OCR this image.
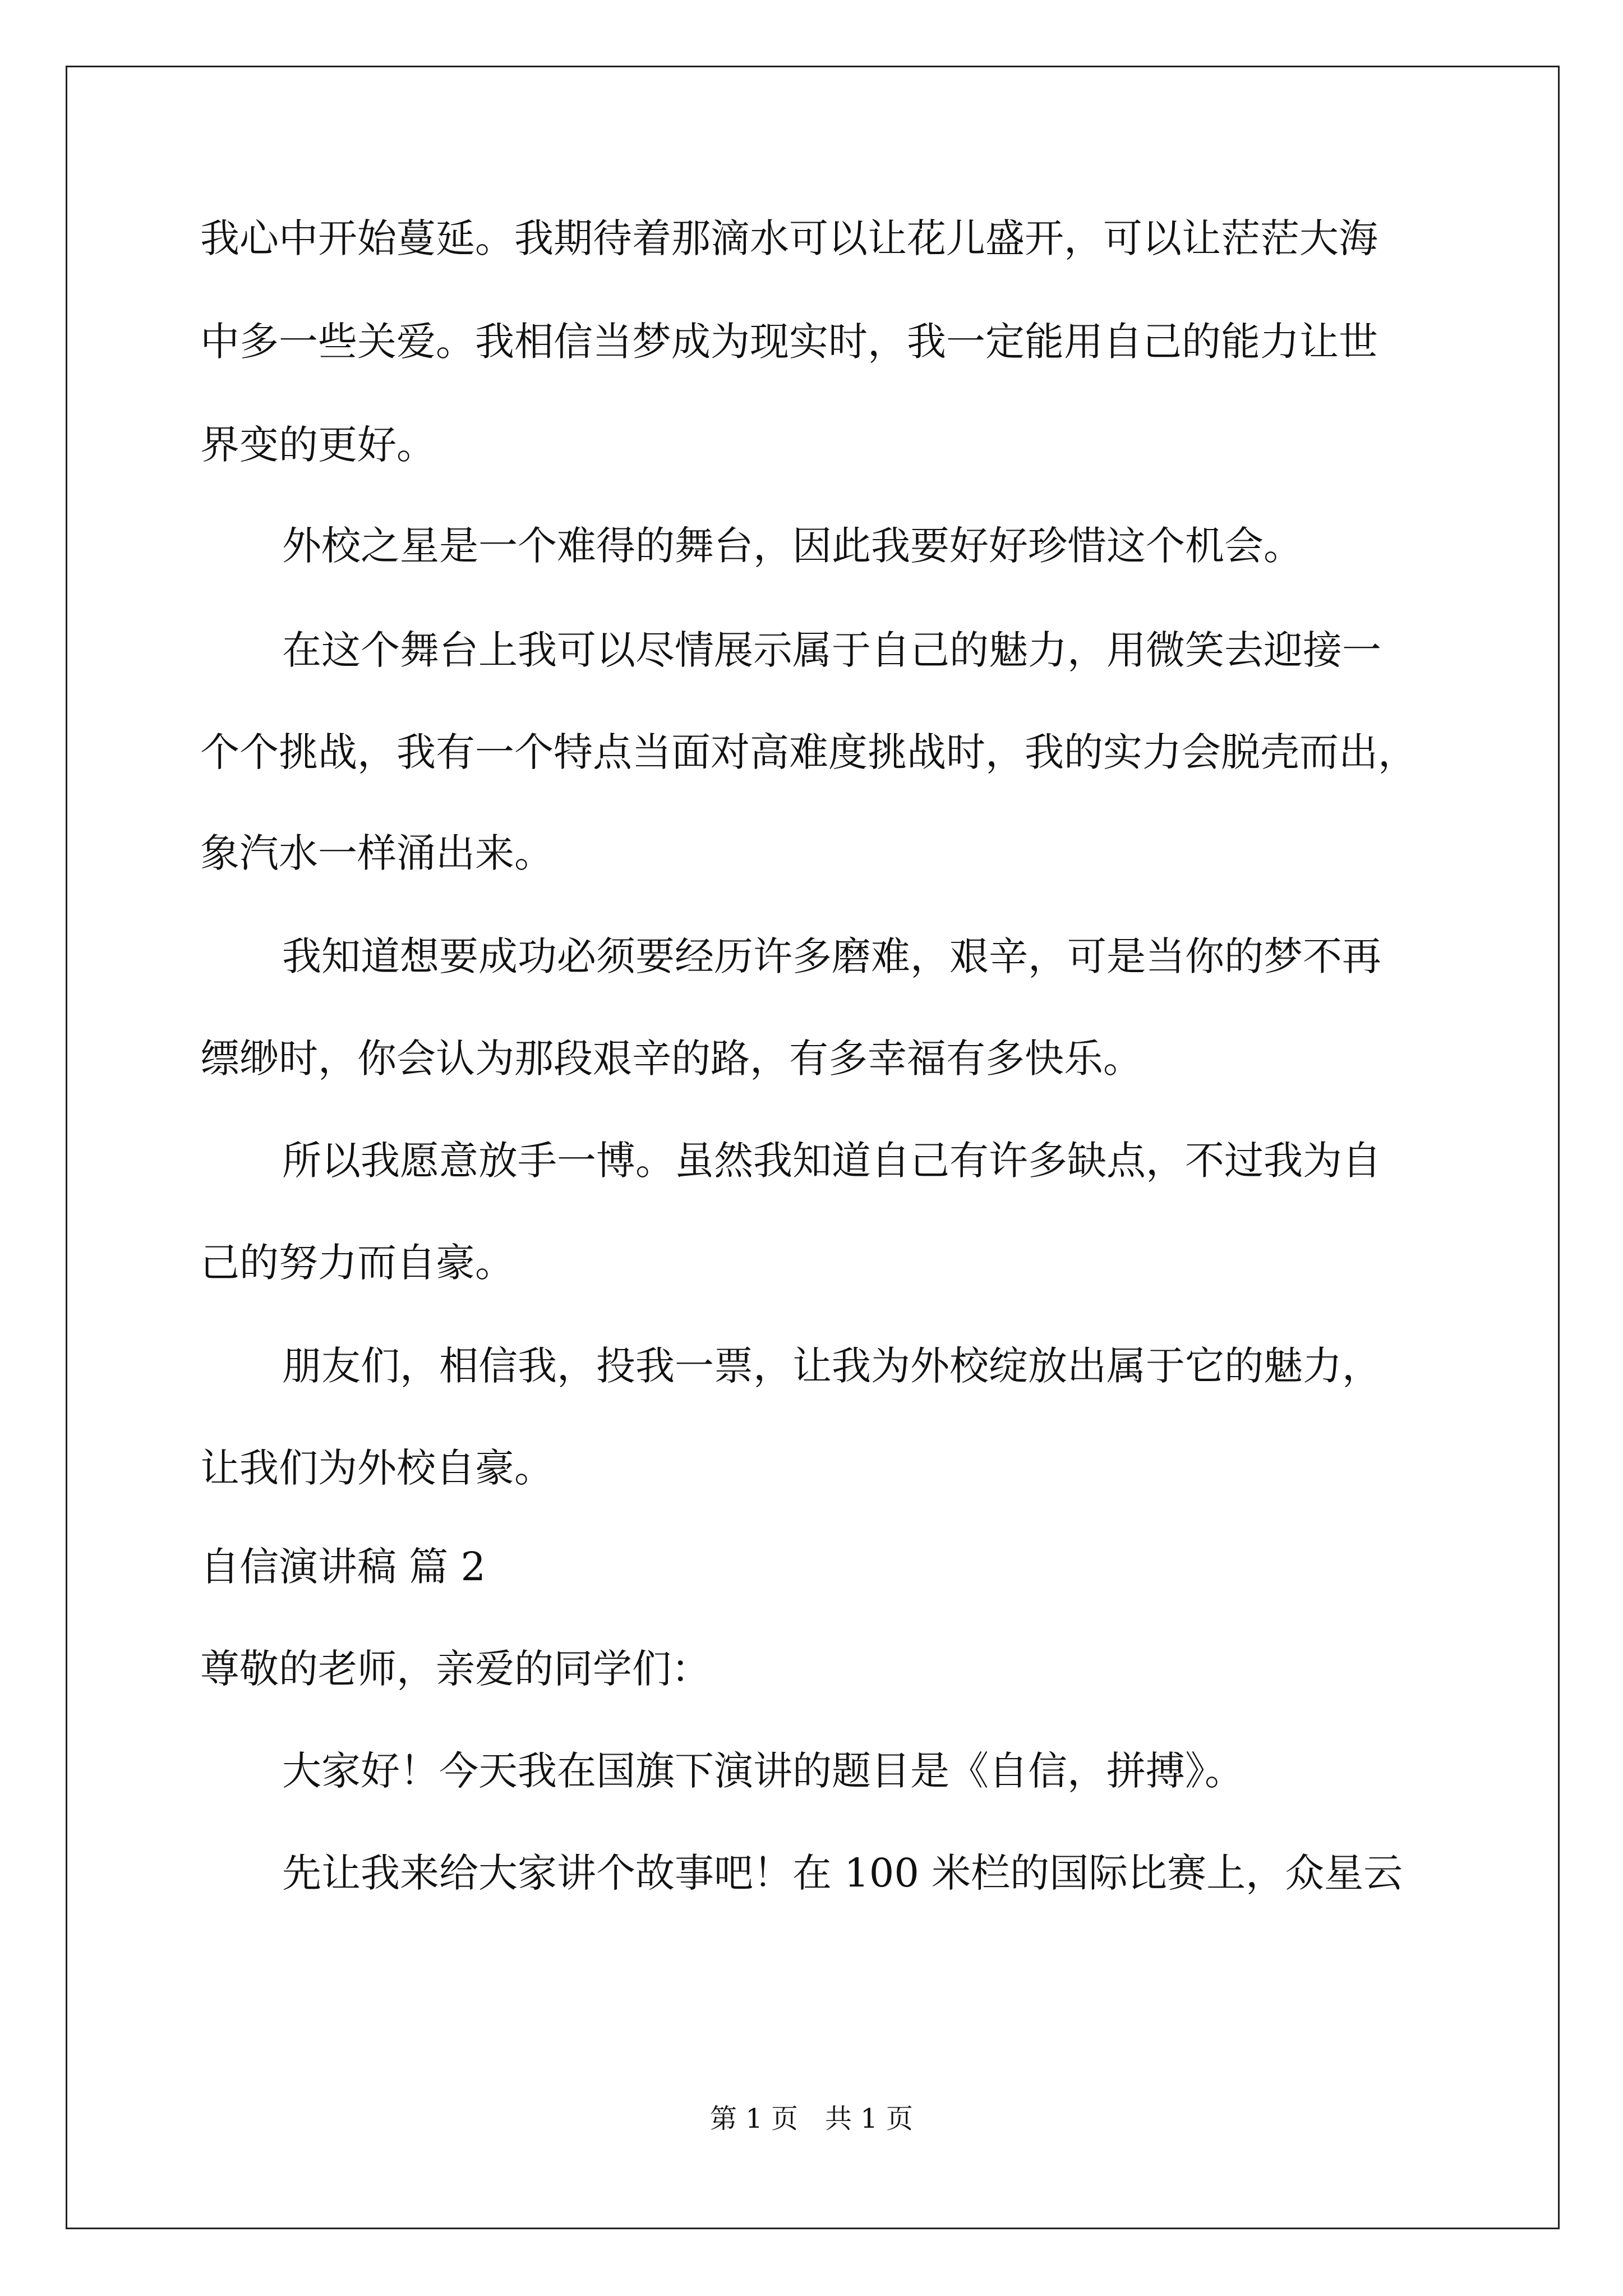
我心中开始蔓延。我期待着那滴水可以让花儿盛开，可以让茫茫大海
中多一些关爱。我相信当梦成为现实时，我一定能用自己的能力让世
界变的更好。
外校之星是一个难得的舞台，因此我要好好珍惜这个机会。
在这个舞台上我可以尽情展示属于自己的魅力，用微笑去迎接一
个个挑战，我有一个特点当面对高难度挑战时，我的实力会脱壳而出，
象汽水一样涌出来。
我知道想要成功必须要经历许多磨难，艰辛，可是当你的梦不再
缥缈时，你会认为那段艰辛的路，有多幸福有多快乐。
所以我愿意放手一博。虽然我知道自己有许多缺点，不过我为自
己的努力而自豪。
朋友们，相信我，投我一票，让我为外校绽放出属于它的魅力，
让我们为外校自豪。
自信演讲稿 篇 2
尊敬的老师，亲爱的同学们：
大家好！今天我在国旗下演讲的题目是《自信，拼搏》。
先让我来给大家讲个故事吧！在 100 米栏的国际比赛上，众星云
第 1 页　共 1 页
